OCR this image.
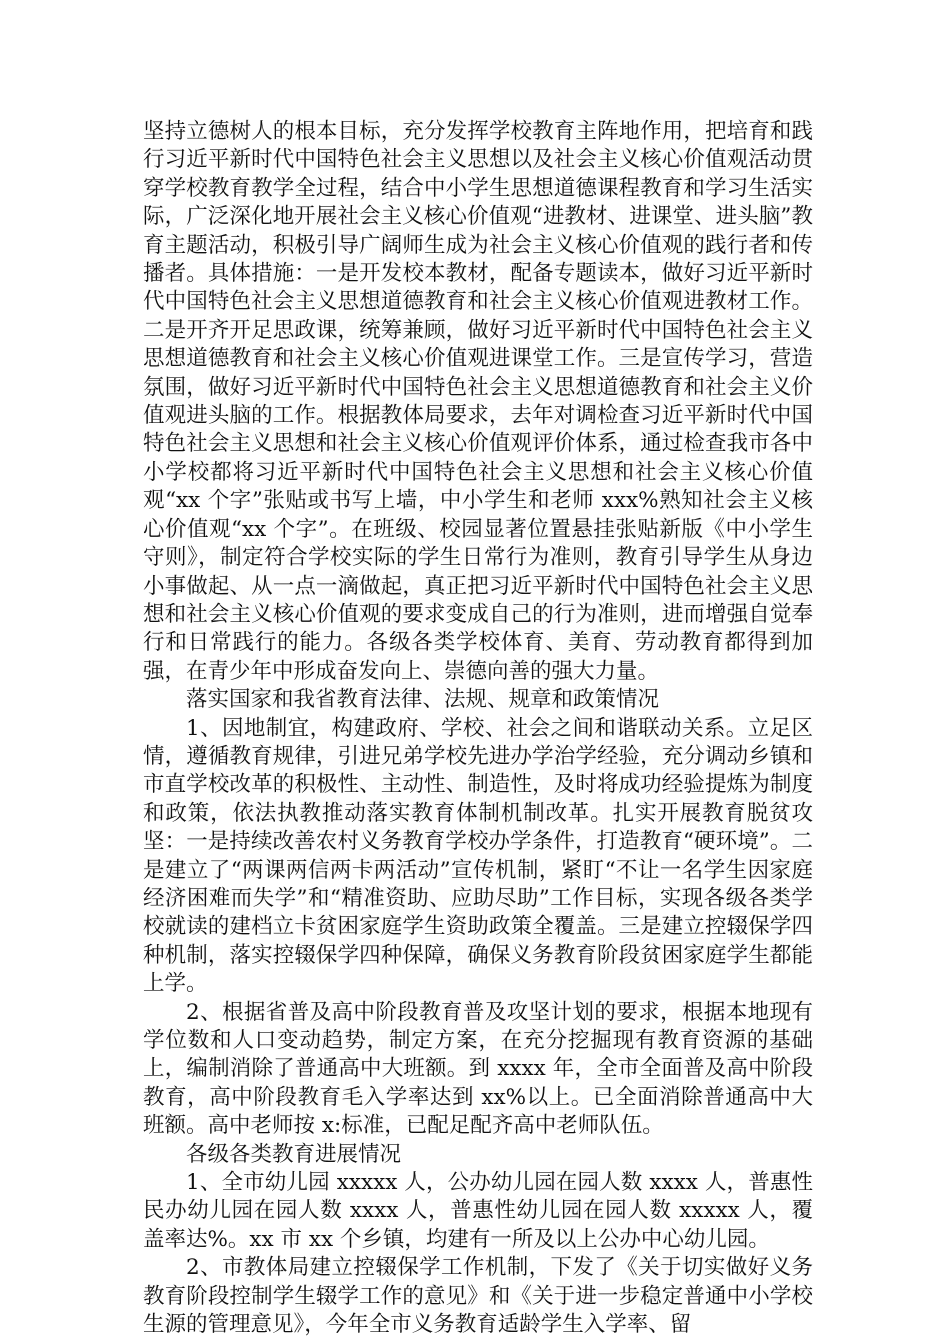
坚持立德树人的根本目标，充分发挥学校教育主阵地作用，把培育和践行习近平新时代中国特色社会主义思想以及社会主义核心价值观活动贯穿学校教育教学全过程，结合中小学生思想道德课程教育和学习生活实际，广泛深化地开展社会主义核心价值观“进教材、进课堂、进头脑”教育主题活动，积极引导广阔师生成为社会主义核心价值观的践行者和传播者。具体措施：一是开发校本教材，配备专题读本，做好习近平新时代中国特色社会主义思想道德教育和社会主义核心价值观进教材工作。二是开齐开足思政课，统筹兼顾，做好习近平新时代中国特色社会主义思想道德教育和社会主义核心价值观进课堂工作。三是宣传学习，营造氛围，做好习近平新时代中国特色社会主义思想道德教育和社会主义价值观进头脑的工作。根据教体局要求，去年对调检查习近平新时代中国特色社会主义思想和社会主义核心价值观评价体系，通过检查我市各中小学校都将习近平新时代中国特色社会主义思想和社会主义核心价值观“xx 个字”张贴或书写上墙，中小学生和老师 xxx%熟知社会主义核心价值观“xx 个字”。在班级、校园显著位置悬挂张贴新版《中小学生守则》，制定符合学校实际的学生日常行为准则，教育引导学生从身边小事做起、从一点一滴做起，真正把习近平新时代中国特色社会主义思想和社会主义核心价值观的要求变成自己的行为准则，进而增强自觉奉行和日常践行的能力。各级各类学校体育、美育、劳动教育都得到加强，在青少年中形成奋发向上、崇德向善的强大力量。

落实国家和我省教育法律、法规、规章和政策情况

1、因地制宜，构建政府、学校、社会之间和谐联动关系。立足区情，遵循教育规律，引进兄弟学校先进办学治学经验，充分调动乡镇和市直学校改革的积极性、主动性、制造性，及时将成功经验提炼为制度和政策，依法执教推动落实教育体制机制改革。扎实开展教育脱贫攻坚：一是持续改善农村义务教育学校办学条件，打造教育“硬环境”。二是建立了“两课两信两卡两活动”宣传机制，紧盯“不让一名学生因家庭经济困难而失学”和“精准资助、应助尽助”工作目标，实现各级各类学校就读的建档立卡贫困家庭学生资助政策全覆盖。三是建立控辍保学四种机制，落实控辍保学四种保障，确保义务教育阶段贫困家庭学生都能上学。

2、根据省普及高中阶段教育普及攻坚计划的要求，根据本地现有学位数和人口变动趋势，制定方案，在充分挖掘现有教育资源的基础上，编制消除了普通高中大班额。到 xxxx 年，全市全面普及高中阶段教育，高中阶段教育毛入学率达到 xx%以上。已全面消除普通高中大班额。高中老师按 x:标准，已配足配齐高中老师队伍。

各级各类教育进展情况

1、全市幼儿园 xxxxx 人，公办幼儿园在园人数 xxxx 人，普惠性民办幼儿园在园人数 xxxx 人，普惠性幼儿园在园人数 xxxxx 人，覆盖率达%。xx 市 xx 个乡镇，均建有一所及以上公办中心幼儿园。

2、市教体局建立控辍保学工作机制，下发了《关于切实做好义务教育阶段控制学生辍学工作的意见》和《关于进一步稳定普通中小学校生源的管理意见》，今年全市义务教育适龄学生入学率、留
